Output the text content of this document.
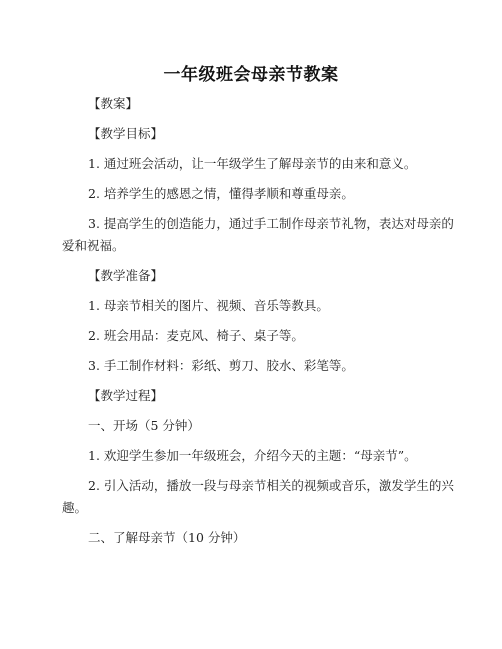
一年级班会母亲节教案
【教案】
【教学目标】
1. 通过班会活动，让一年级学生了解母亲节的由来和意义。
2. 培养学生的感恩之情，懂得孝顺和尊重母亲。
3. 提高学生的创造能力，通过手工制作母亲节礼物，表达对母亲的
爱和祝福。
【教学准备】
1. 母亲节相关的图片、视频、音乐等教具。
2. 班会用品：麦克风、椅子、桌子等。
3. 手工制作材料：彩纸、剪刀、胶水、彩笔等。
【教学过程】
一、开场（5 分钟）
1. 欢迎学生参加一年级班会，介绍今天的主题：“母亲节”。
2. 引入活动，播放一段与母亲节相关的视频或音乐，激发学生的兴
趣。
二、了解母亲节（10 分钟）
